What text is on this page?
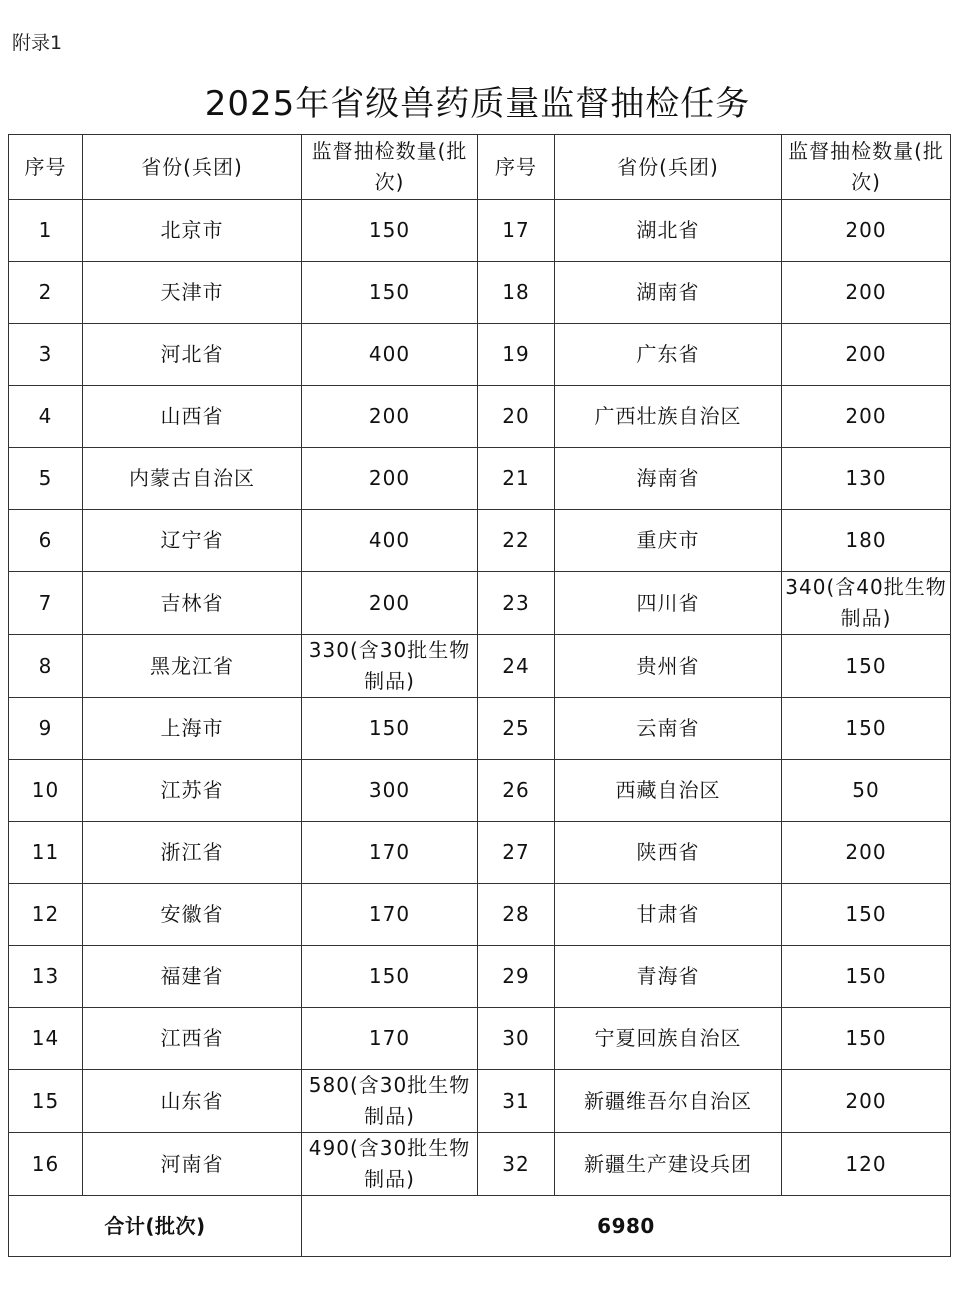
附录1
2025年省级兽药质量监督抽检任务
序号	省份(兵团)	监督抽检数量(批次)	序号	省份(兵团)	监督抽检数量(批次)
1	北京市	150	17	湖北省	200
2	天津市	150	18	湖南省	200
3	河北省	400	19	广东省	200
4	山西省	200	20	广西壮族自治区	200
5	内蒙古自治区	200	21	海南省	130
6	辽宁省	400	22	重庆市	180
7	吉林省	200	23	四川省	340(含40批生物制品)
8	黑龙江省	330(含30批生物制品)	24	贵州省	150
9	上海市	150	25	云南省	150
10	江苏省	300	26	西藏自治区	50
11	浙江省	170	27	陕西省	200
12	安徽省	170	28	甘肃省	150
13	福建省	150	29	青海省	150
14	江西省	170	30	宁夏回族自治区	150
15	山东省	580(含30批生物制品)	31	新疆维吾尔自治区	200
16	河南省	490(含30批生物制品)	32	新疆生产建设兵团	120
合计(批次)		6980			
